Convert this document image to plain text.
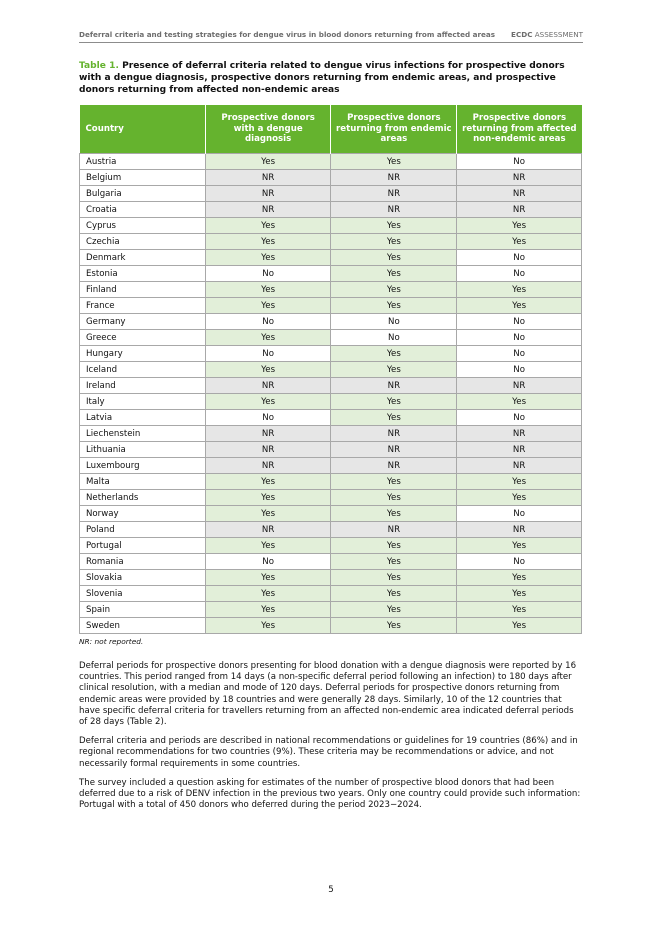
Deferral criteria and testing strategies for dengue virus in blood donors returning from affected areas ECDC ASSESSMENT
Table 1. Presence of deferral criteria related to dengue virus infections for prospective donors with a dengue diagnosis, prospective donors returning from endemic areas, and prospective donors returning from affected non-endemic areas
Country	Prospective donors with a dengue diagnosis	Prospective donors returning from endemic areas	Prospective donors returning from affected non-endemic areas
Austria	Yes	Yes	No
Belgium	NR	NR	NR
Bulgaria	NR	NR	NR
Croatia	NR	NR	NR
Cyprus	Yes	Yes	Yes
Czechia	Yes	Yes	Yes
Denmark	Yes	Yes	No
Estonia	No	Yes	No
Finland	Yes	Yes	Yes
France	Yes	Yes	Yes
Germany	No	No	No
Greece	Yes	No	No
Hungary	No	Yes	No
Iceland	Yes	Yes	No
Ireland	NR	NR	NR
Italy	Yes	Yes	Yes
Latvia	No	Yes	No
Liechenstein	NR	NR	NR
Lithuania	NR	NR	NR
Luxembourg	NR	NR	NR
Malta	Yes	Yes	Yes
Netherlands	Yes	Yes	Yes
Norway	Yes	Yes	No
Poland	NR	NR	NR
Portugal	Yes	Yes	Yes
Romania	No	Yes	No
Slovakia	Yes	Yes	Yes
Slovenia	Yes	Yes	Yes
Spain	Yes	Yes	Yes
Sweden	Yes	Yes	Yes
NR: not reported.

Deferral periods for prospective donors presenting for blood donation with a dengue diagnosis were reported by 16 countries. This period ranged from 14 days (a non-specific deferral period following an infection) to 180 days after clinical resolution, with a median and mode of 120 days. Deferral periods for prospective donors returning from endemic areas were provided by 18 countries and were generally 28 days. Similarly, 10 of the 12 countries that have specific deferral criteria for travellers returning from an affected non-endemic area indicated deferral periods of 28 days (Table 2).

Deferral criteria and periods are described in national recommendations or guidelines for 19 countries (86%) and in regional recommendations for two countries (9%). These criteria may be recommendations or advice, and not necessarily formal requirements in some countries.

The survey included a question asking for estimates of the number of prospective blood donors that had been deferred due to a risk of DENV infection in the previous two years. Only one country could provide such information: Portugal with a total of 450 donors who deferred during the period 2023−2024.

5
